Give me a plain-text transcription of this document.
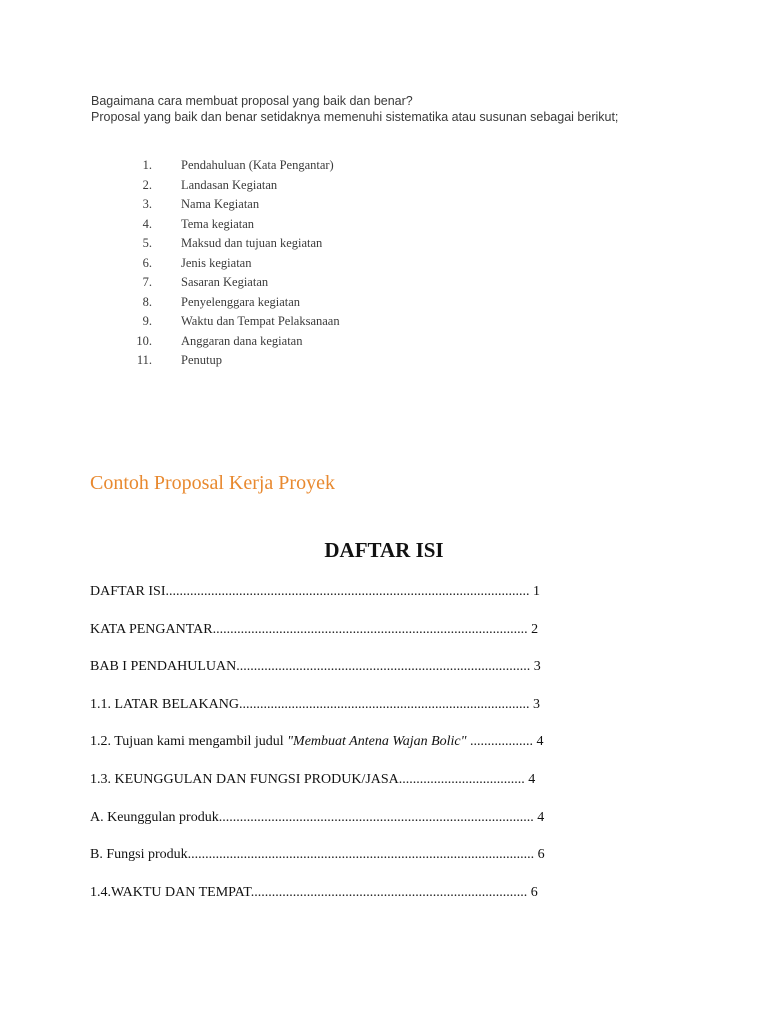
Bagaimana cara membuat proposal yang baik dan benar?

Proposal yang baik dan benar setidaknya memenuhi sistematika atau susunan sebagai berikut;

1. Pendahuluan (Kata Pengantar)
2. Landasan Kegiatan
3. Nama Kegiatan
4. Tema kegiatan
5. Maksud dan tujuan kegiatan
6. Jenis kegiatan
7. Sasaran Kegiatan
8. Penyelenggara kegiatan
9. Waktu dan Tempat Pelaksanaan
10. Anggaran dana kegiatan
11. Penutup
Contoh Proposal Kerja Proyek
DAFTAR ISI
DAFTAR ISI........................................................................................................ 1
KATA PENGANTAR.......................................................................................... 2
BAB I PENDAHULUAN.................................................................................... 3
1.1. LATAR BELAKANG................................................................................... 3
1.2. Tujuan kami mengambil judul "Membuat Antena Wajan Bolic" .................. 4
1.3. KEUNGGULAN DAN FUNGSI PRODUK/JASA.................................... 4
A. Keunggulan produk.......................................................................................... 4
B. Fungsi produk................................................................................................... 6
1.4.WAKTU DAN TEMPAT............................................................................... 6
